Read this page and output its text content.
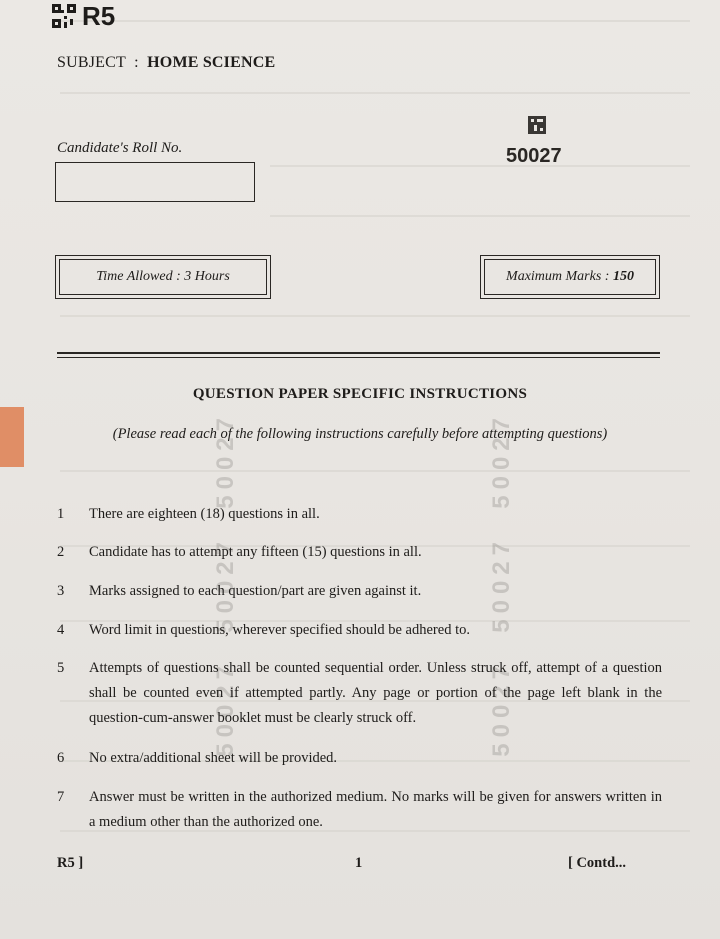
R5
SUBJECT : HOME SCIENCE
Candidate's Roll No.	50027
Time Allowed : 3 Hours	Maximum Marks :
150
QUESTION PAPER SPECIFIC INSTRUCTIONS
(Please read each of the following instructions carefully before attempting questions)
50027	50027
50027	50027
50027	50027
1	There are eighteen (18) questions in all.
2	Candidate has to attempt any fifteen (15) questions in all.
3	Marks assigned to each question/part are given against it.
4	Word limit in questions, wherever specified should be adhered to.
5	Attempts of questions shall be counted sequential order. Unless struck off, attempt of a question shall be counted even if attempted partly. Any page or portion of the page left blank in the question-cum-answer booklet must be clearly struck off.
6	No extra/additional sheet will be provided.
7	Answer must be written in the authorized medium. No marks will be given for answers written in a medium other than the authorized one.
R5 ]	1	[ Contd...
